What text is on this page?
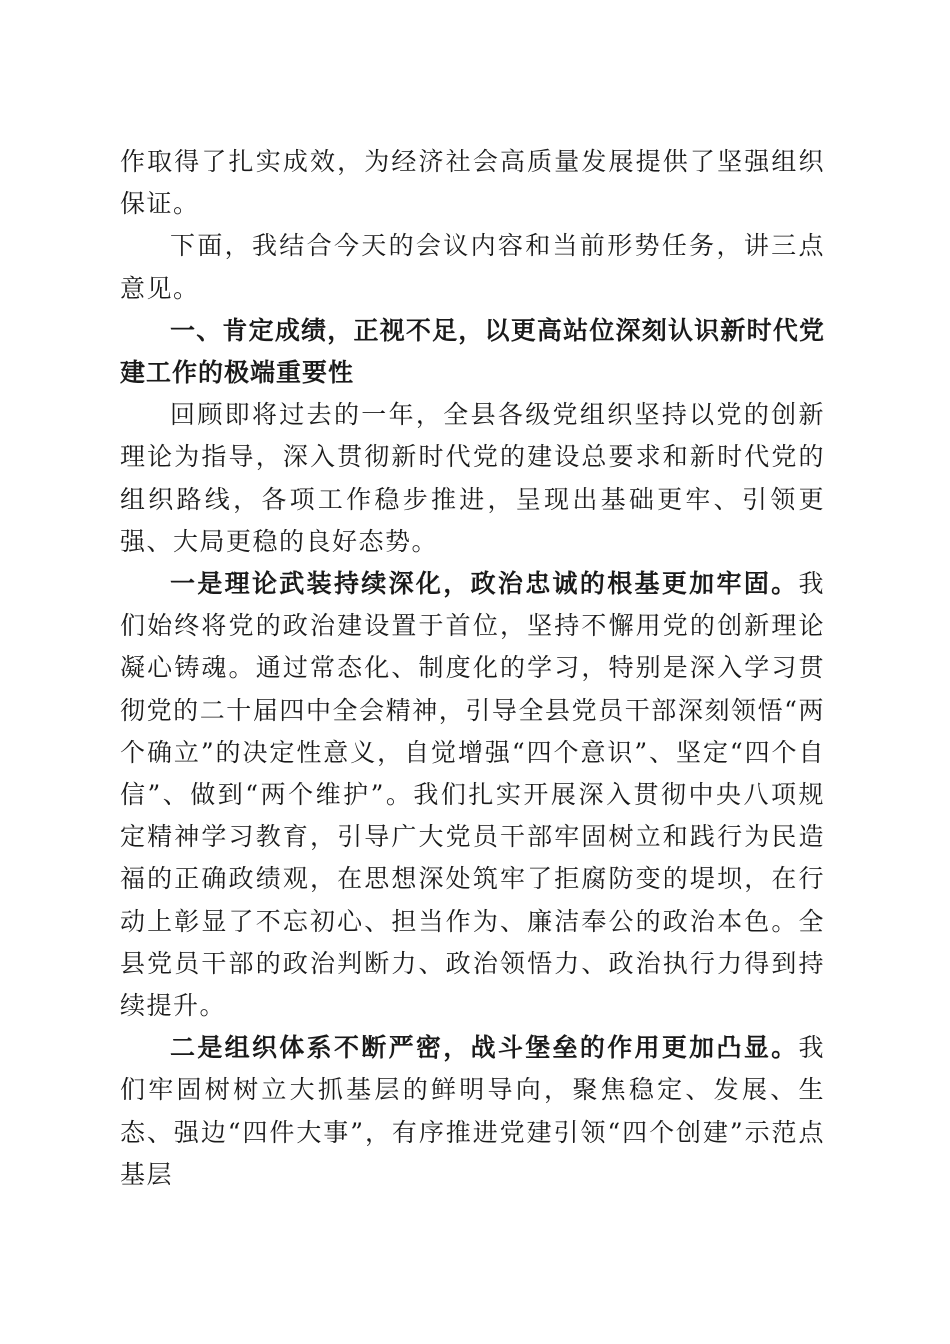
作取得了扎实成效，为经济社会高质量发展提供了坚强组织保证。

下面，我结合今天的会议内容和当前形势任务，讲三点意见。

一、肯定成绩，正视不足，以更高站位深刻认识新时代党建工作的极端重要性

回顾即将过去的一年，全县各级党组织坚持以党的创新理论为指导，深入贯彻新时代党的建设总要求和新时代党的组织路线，各项工作稳步推进，呈现出基础更牢、引领更强、大局更稳的良好态势。

一是理论武装持续深化，政治忠诚的根基更加牢固。我们始终将党的政治建设置于首位，坚持不懈用党的创新理论凝心铸魂。通过常态化、制度化的学习，特别是深入学习贯彻党的二十届四中全会精神，引导全县党员干部深刻领悟“两个确立”的决定性意义，自觉增强“四个意识”、坚定“四个自信”、做到“两个维护”。我们扎实开展深入贯彻中央八项规定精神学习教育，引导广大党员干部牢固树立和践行为民造福的正确政绩观，在思想深处筑牢了拒腐防变的堤坝，在行动上彰显了不忘初心、担当作为、廉洁奉公的政治本色。全县党员干部的政治判断力、政治领悟力、政治执行力得到持续提升。

二是组织体系不断严密，战斗堡垒的作用更加凸显。我们牢固树树立大抓基层的鲜明导向，聚焦稳定、发展、生态、强边“四件大事”，有序推进党建引领“四个创建”示范点基层
